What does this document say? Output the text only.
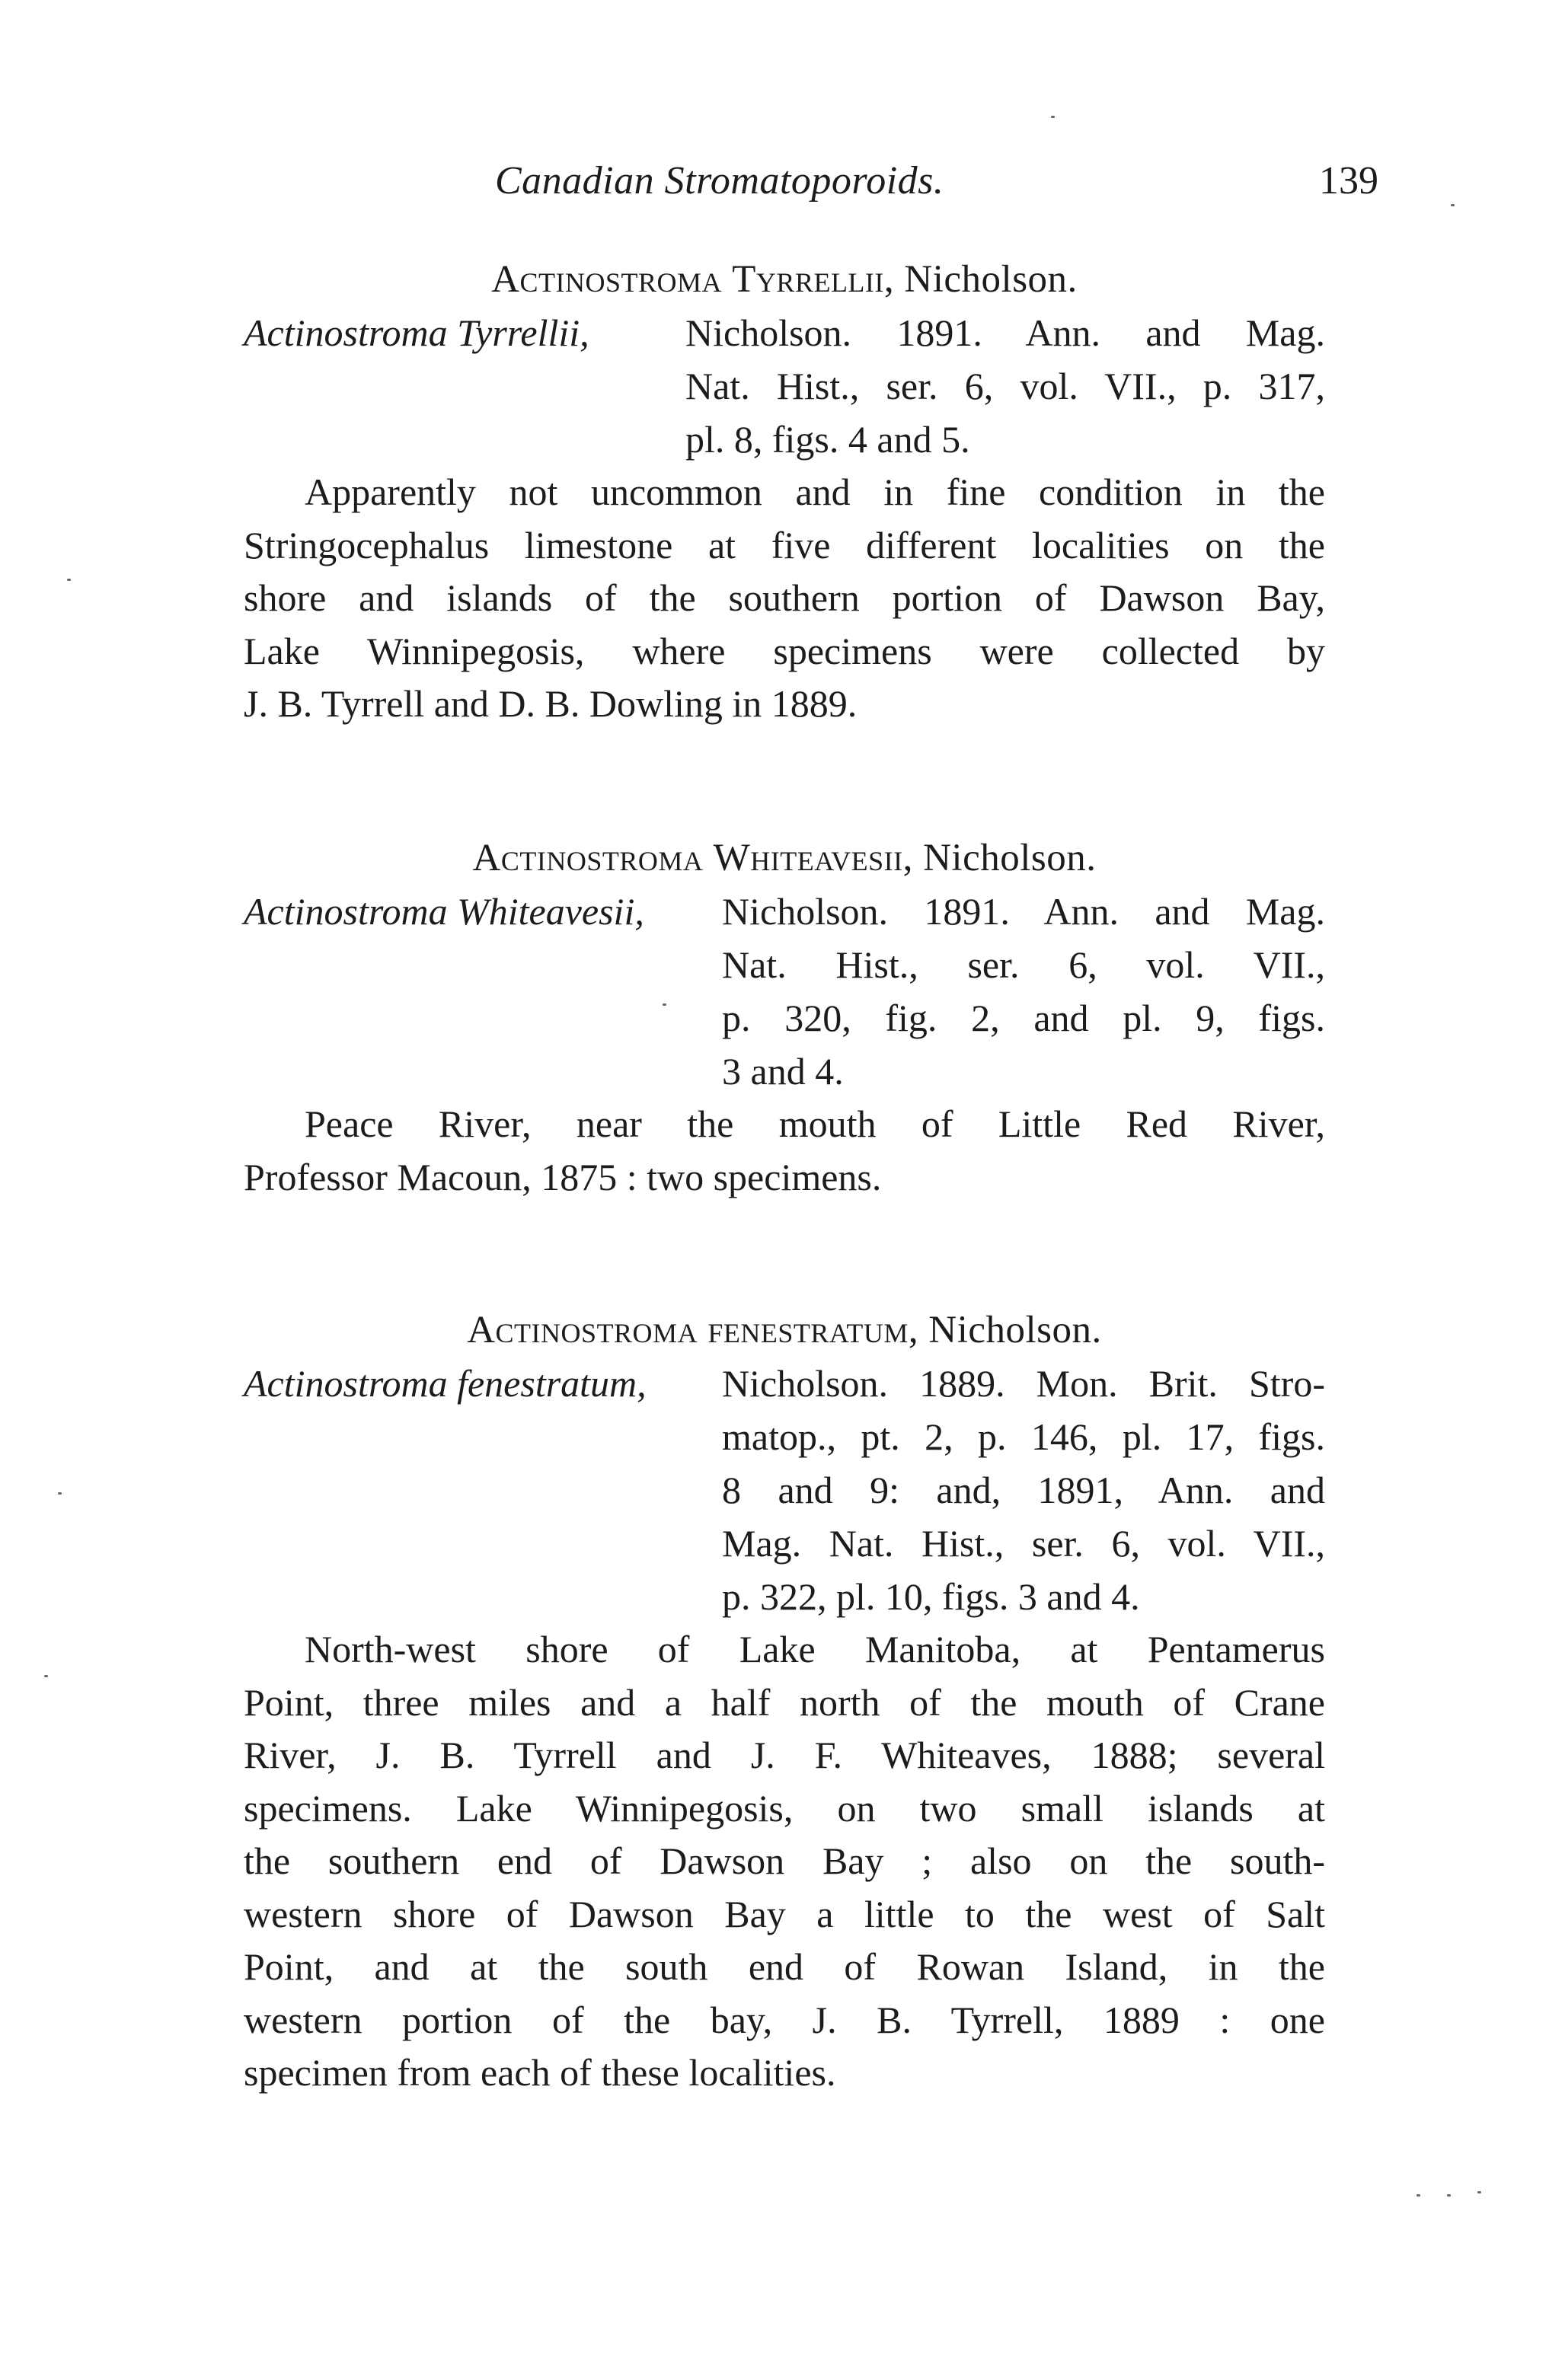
Canadian Stromatoporoids.	139
Actinostroma Tyrrellii, Nicholson.
Actinostroma Tyrrellii,	Nicholson. 1891. Ann. and Mag.
Nat. Hist., ser. 6, vol. VII., p. 317,
pl. 8, figs. 4 and 5.
Apparently not uncommon and in fine condition in the
Stringocephalus limestone at five different localities on the
shore and islands of the southern portion of Dawson Bay,
Lake Winnipegosis, where specimens were collected by
J. B. Tyrrell and D. B. Dowling in 1889.
Actinostroma Whiteavesii, Nicholson.
Actinostroma Whiteavesii, Nicholson. 1891. Ann. and Mag.
Nat. Hist., ser. 6, vol. VII.,
p. 320, fig. 2, and pl. 9, figs.
3 and 4.
Peace River, near the mouth of Little Red River,
Professor Macoun, 1875 : two specimens.
Actinostroma fenestratum, Nicholson.
Actinostroma fenestratum, Nicholson. 1889. Mon. Brit. Stro-
matop., pt. 2, p. 146, pl. 17, figs.
8 and 9: and, 1891, Ann. and
Mag. Nat. Hist., ser. 6, vol. VII.,
p. 322, pl. 10, figs. 3 and 4.
North-west shore of Lake Manitoba, at Pentamerus
Point, three miles and a half north of the mouth of Crane
River, J. B. Tyrrell and J. F. Whiteaves, 1888; several
specimens. Lake Winnipegosis, on two small islands at
the southern end of Dawson Bay ; also on the south-
western shore of Dawson Bay a little to the west of Salt
Point, and at the south end of Rowan Island, in the
western portion of the bay, J. B. Tyrrell, 1889 : one
specimen from each of these localities.
